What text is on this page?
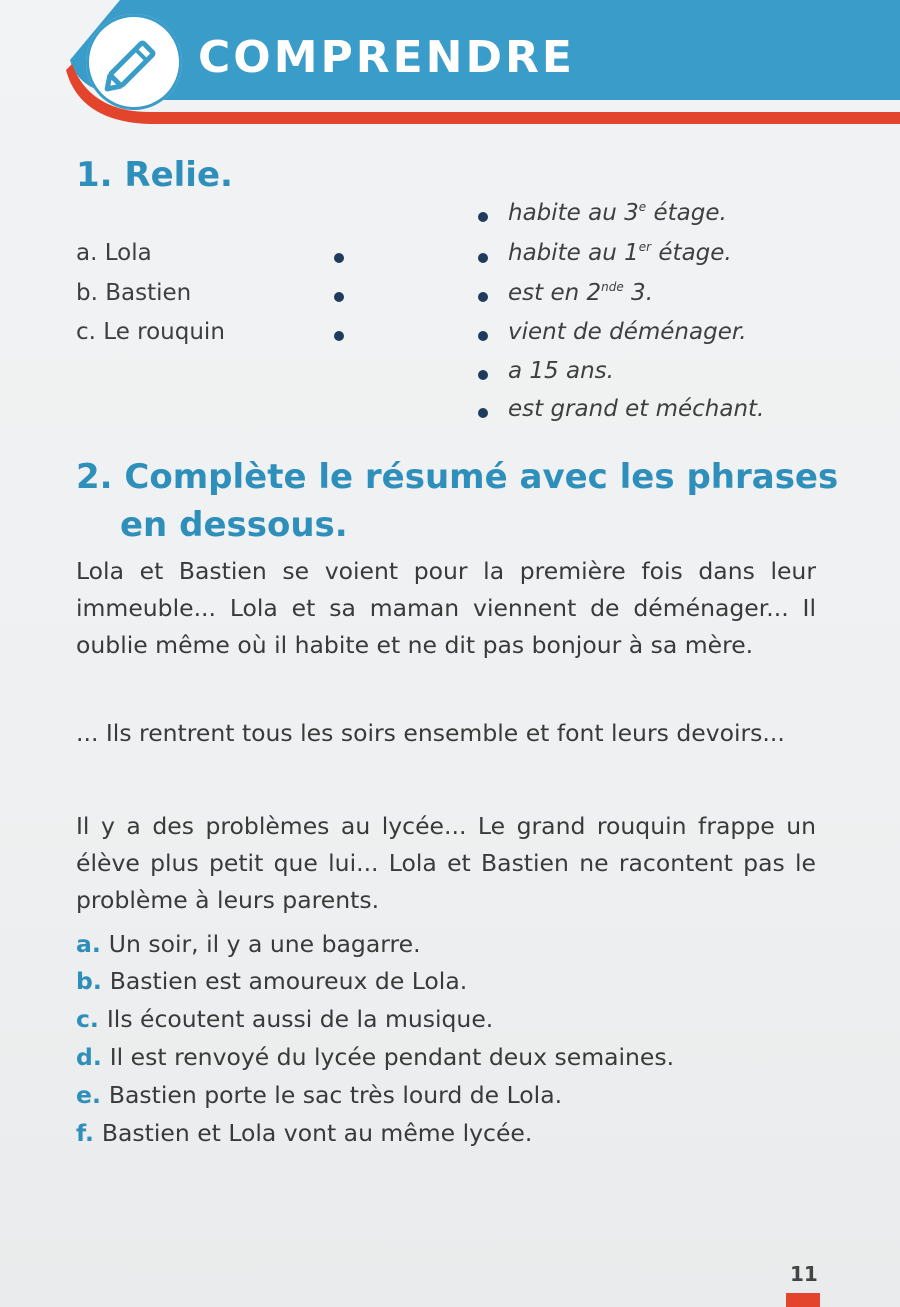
COMPRENDRE
1. Relie.
a. Lola
b. Bastien
c. Le rouquin
habite au 3e étage.
habite au 1er étage.
est en 2nde 3.
vient de déménager.
a 15 ans.
est grand et méchant.
2. Complète le résumé avec les phrases
en dessous.
Lola et Bastien se voient pour la première fois dans leur immeuble... Lola et sa maman viennent de déménager... Il oublie même où il habite et ne dit pas bonjour à sa mère.
... Ils rentrent tous les soirs ensemble et font leurs devoirs...
Il y a des problèmes au lycée... Le grand rouquin frappe un élève plus petit que lui... Lola et Bastien ne racontent pas le problème à leurs parents.
a. Un soir, il y a une bagarre.
b. Bastien est amoureux de Lola.
c. Ils écoutent aussi de la musique.
d. Il est renvoyé du lycée pendant deux semaines.
e. Bastien porte le sac très lourd de Lola.
f. Bastien et Lola vont au même lycée.
11
